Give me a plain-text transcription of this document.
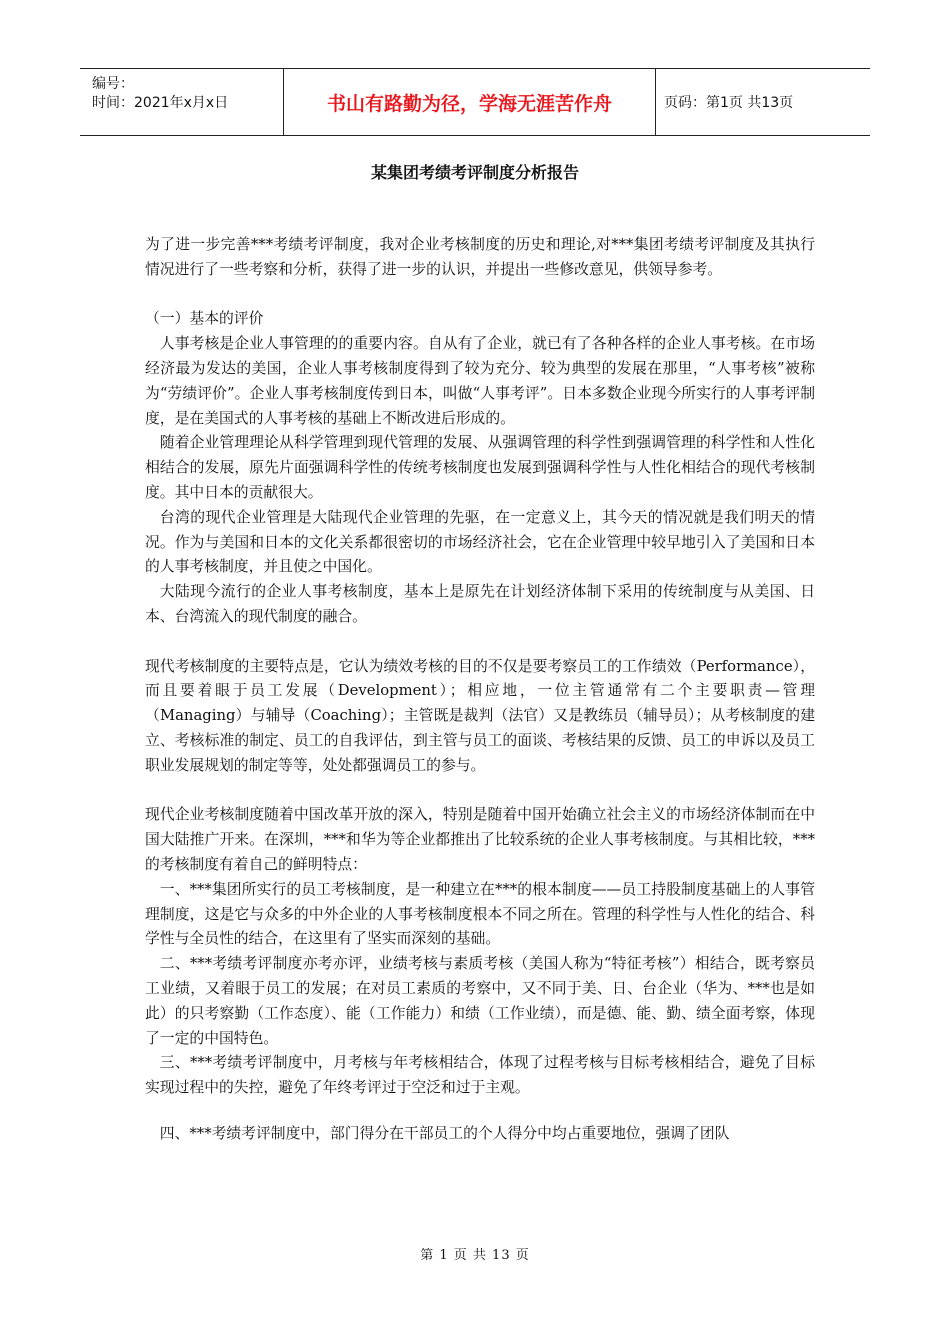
编号：
时间：2021年x月x日	书山有路勤为径，学海无涯苦作舟	页码：第1页 共13页
某集团考绩考评制度分析报告

为了进一步完善***考绩考评制度，我对企业考核制度的历史和理论,对***集团考绩考评制度及其执行情况进行了一些考察和分析，获得了进一步的认识，并提出一些修改意见，供领导参考。

（一）基本的评价

人事考核是企业人事管理的的重要内容。自从有了企业，就已有了各种各样的企业人事考核。在市场经济最为发达的美国，企业人事考核制度得到了较为充分、较为典型的发展在那里，“人事考核”被称为“劳绩评价”。企业人事考核制度传到日本，叫做“人事考评”。日本多数企业现今所实行的人事考评制度，是在美国式的人事考核的基础上不断改进后形成的。

随着企业管理理论从科学管理到现代管理的发展、从强调管理的科学性到强调管理的科学性和人性化相结合的发展，原先片面强调科学性的传统考核制度也发展到强调科学性与人性化相结合的现代考核制度。其中日本的贡献很大。

台湾的现代企业管理是大陆现代企业管理的先驱，在一定意义上，其今天的情况就是我们明天的情况。作为与美国和日本的文化关系都很密切的市场经济社会，它在企业管理中较早地引入了美国和日本的人事考核制度，并且使之中国化。

大陆现今流行的企业人事考核制度，基本上是原先在计划经济体制下采用的传统制度与从美国、日本、台湾流入的现代制度的融合。

现代考核制度的主要特点是，它认为绩效考核的目的不仅是要考察员工的工作绩效（Performance），而且要着眼于员工发展（Development）；相应地，一位主管通常有二个主要职责—管理（Managing）与辅导（Coaching）；主管既是裁判（法官）又是教练员（辅导员）；从考核制度的建立、考核标准的制定、员工的自我评估，到主管与员工的面谈、考核结果的反馈、员工的申诉以及员工职业发展规划的制定等等，处处都强调员工的参与。

现代企业考核制度随着中国改革开放的深入，特别是随着中国开始确立社会主义的市场经济体制而在中国大陆推广开来。在深圳，***和华为等企业都推出了比较系统的企业人事考核制度。与其相比较，***的考核制度有着自己的鲜明特点：

一、***集团所实行的员工考核制度，是一种建立在***的根本制度——员工持股制度基础上的人事管理制度，这是它与众多的中外企业的人事考核制度根本不同之所在。管理的科学性与人性化的结合、科学性与全员性的结合，在这里有了坚实而深刻的基础。

二、***考绩考评制度亦考亦评，业绩考核与素质考核（美国人称为“特征考核”）相结合，既考察员工业绩，又着眼于员工的发展；在对员工素质的考察中，又不同于美、日、台企业（华为、***也是如此）的只考察勤（工作态度）、能（工作能力）和绩（工作业绩），而是德、能、勤、绩全面考察，体现了一定的中国特色。

三、***考绩考评制度中，月考核与年考核相结合，体现了过程考核与目标考核相结合，避免了目标实现过程中的失控，避免了年终考评过于空泛和过于主观。

四、***考绩考评制度中，部门得分在干部员工的个人得分中均占重要地位，强调了团队

第 1 页 共 13 页
